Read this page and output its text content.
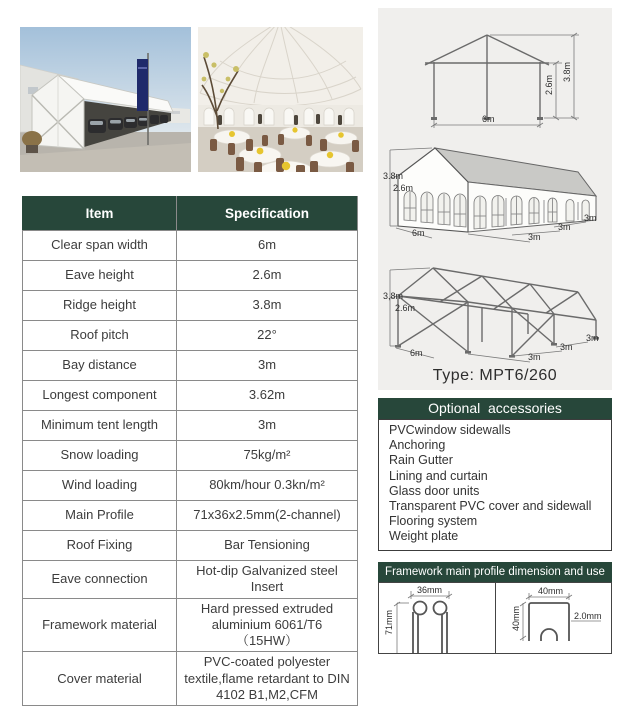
Item	Specification
Clear span width	6m
Eave height	2.6m
Ridge height	3.8m
Roof pitch	22°
Bay distance	3m
Longest component	3.62m
Minimum tent length	3m
Snow loading	75kg/m²
Wind loading	80km/hour 0.3kn/m²
Main Profile	71x36x2.5mm(2-channel)
Roof Fixing	Bar Tensioning
Eave connection	Hot-dip Galvanized steel Insert
Framework material	Hard pressed extruded aluminium 6061/T6 （15HW）
Cover material	PVC-coated polyester textile,flame retardant to DIN 4102 B1,M2,CFM
6m
2.6m
3.8m
3.8m
2.6m
6m	3m
3m
3m
3,8m
2.6m
6m	3m
3m
3m
Type: MPT6/260
Optional  accessories
PVCwindow sidewalls
Anchoring
Rain Gutter
Lining and curtain
Glass door units
Transparent PVC cover and sidewall
Flooring system
Weight plate
Framework main profile dimension and use
36mm
71mm
40mm
40mm	2.0mm
